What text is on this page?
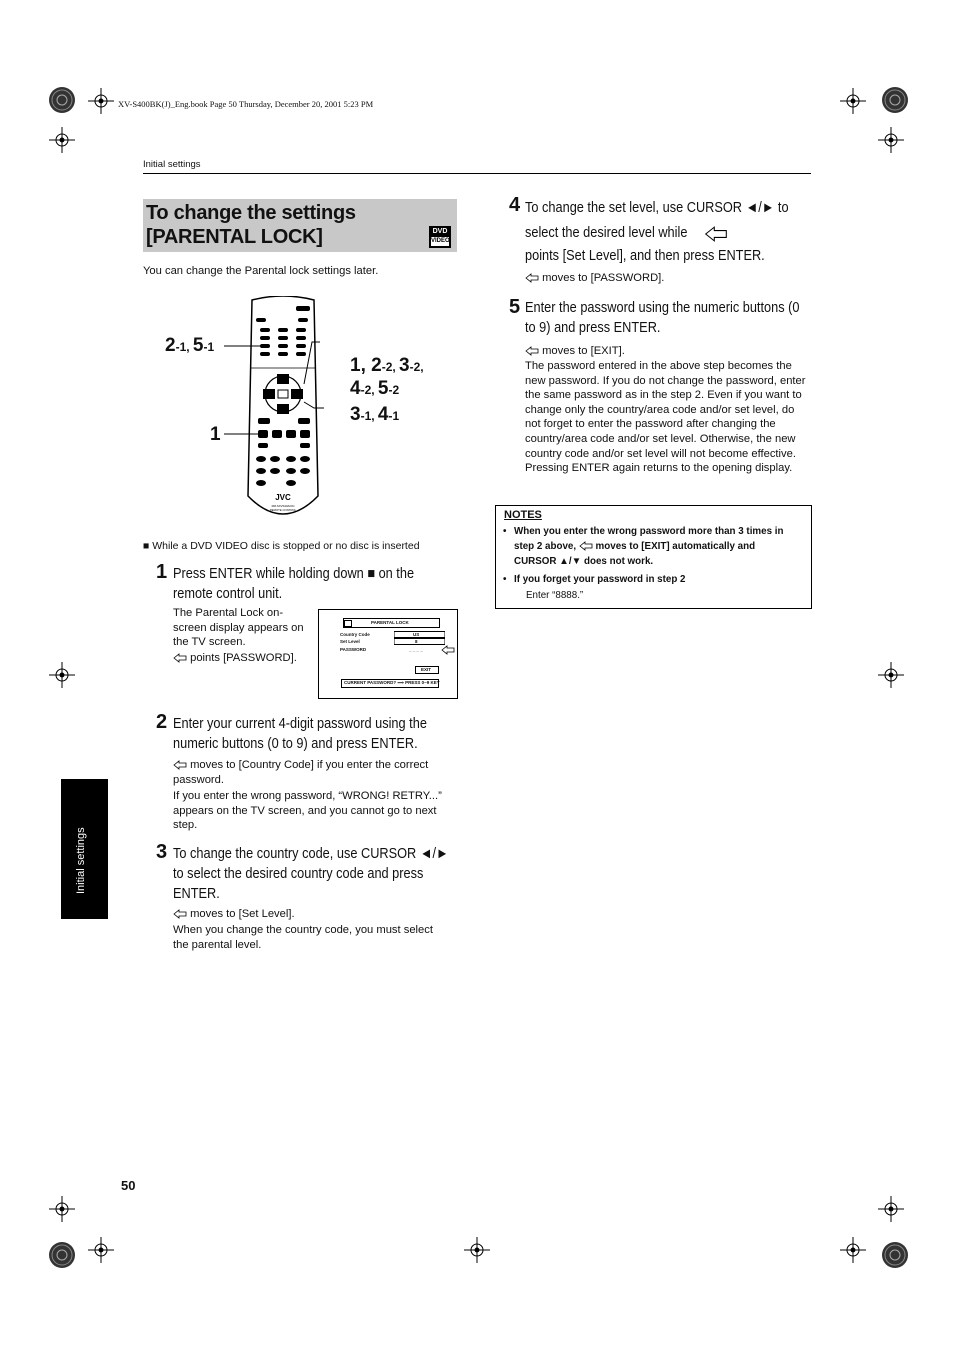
XV-S400BK(J)_Eng.book Page 50 Thursday, December 20, 2001 5:23 PM
Initial settings
To change the settings [PARENTAL LOCK]	DVD
VIDEO
You can change the Parental lock settings later.
JVC
RM-SXVS40A/ON
REMOTE CONTROL
2-1, 5-1
1
1, 2-2, 3-2,
4-2, 5-2
3-1, 4-1
■ While a DVD VIDEO disc is stopped or no disc is inserted
1 Press ENTER while holding down ■ on the remote control unit.
The Parental Lock on-screen display appears on the TV screen.
points [PASSWORD].
PARENTAL LOCK
Country Code	US
Set Level	8
PASSWORD	_ _ _ _
EXIT
CURRENT PASSWORD? ⟹ PRESS 0~9 KEY
2 Enter your current 4-digit password using the numeric buttons (0 to 9) and press ENTER.
moves to [Country Code] if you enter the correct password.
If you enter the wrong password, “WRONG! RETRY...” appears on the TV screen, and you cannot go to next step.
3 To change the country code, use CURSOR ◄/► to select the desired country code and press ENTER.
moves to [Set Level].
When you change the country code, you must select the parental level.
4 To change the set level, use CURSOR ◄/► to select the desired level while
points [Set Level], and then press ENTER.
moves to [PASSWORD].
5 Enter the password using the numeric buttons (0 to 9) and press ENTER.
moves to [EXIT].
The password entered in the above step becomes the new password. If you do not change the password, enter the same password as in the step 2. Even if you want to change only the country/area code and/or set level, do not forget to enter the password after changing the country/area code and/or set level. Otherwise, the new country code and/or set level will not become effective. Pressing ENTER again returns to the opening display.
NOTES
• When you enter the wrong password more than 3 times in step 2 above, moves to [EXIT] automatically and CURSOR ▲/▼ does not work.
• If you forget your password in step 2
Enter “8888.”
Initial settings
50
